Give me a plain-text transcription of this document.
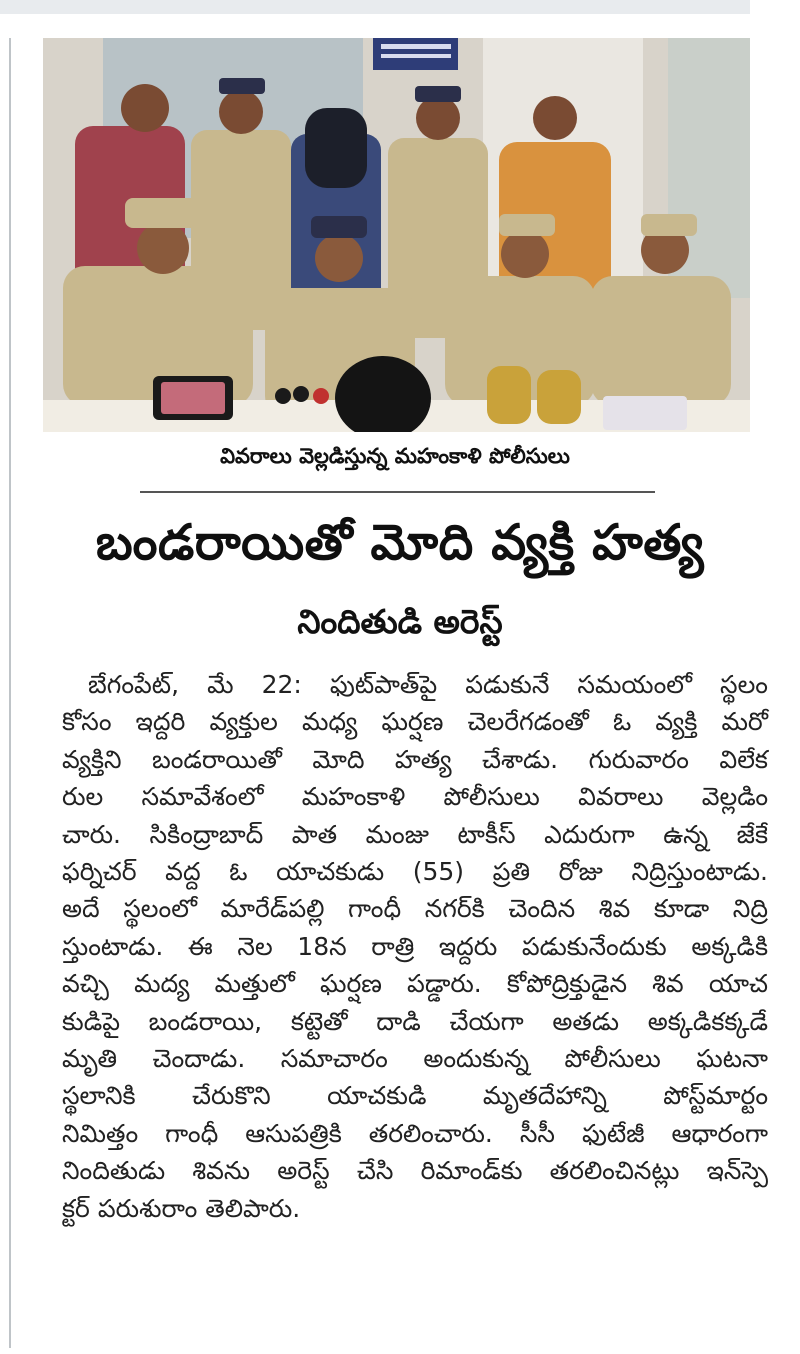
వివరాలు వెల్లడిస్తున్న మహంకాళి పోలీసులు
బండరాయితో మోది వ్యక్తి హత్య
నిందితుడి అరెస్ట్

బేగంపేట్, మే 22: ఫుట్‌పాత్‌పై పడుకునే సమయంలో స్థలం
కోసం ఇద్దరి వ్యక్తుల మధ్య ఘర్షణ చెలరేగడంతో ఓ వ్యక్తి మరో
వ్యక్తిని బండరాయితో మోది హత్య చేశాడు. గురువారం విలేక
రుల సమావేశంలో మహంకాళి పోలీసులు వివరాలు వెల్లడిం
చారు. సికింద్రాబాద్ పాత మంజు టాకీస్ ఎదురుగా ఉన్న జేకే
ఫర్నిచర్ వద్ద ఓ యాచకుడు (55) ప్రతి రోజు నిద్రిస్తుంటాడు.
అదే స్థలంలో మారేడ్‌పల్లి గాంధీ నగర్‌కి చెందిన శివ కూడా నిద్రి
స్తుంటాడు. ఈ నెల 18న రాత్రి ఇద్దరు పడుకునేందుకు అక్కడికి
వచ్చి మద్య మత్తులో ఘర్షణ పడ్డారు. కోపోద్రిక్తుడైన శివ యాచ
కుడిపై బండరాయి, కట్టెతో దాడి చేయగా అతడు అక్కడికక్కడే
మృతి చెందాడు. సమాచారం అందుకున్న పోలీసులు ఘటనా
స్థలానికి చేరుకొని యాచకుడి మృతదేహాన్ని పోస్ట్‌మార్టం
నిమిత్తం గాంధీ ఆసుపత్రికి తరలించారు. సీసీ ఫుటేజీ ఆధారంగా
నిందితుడు శివను అరెస్ట్ చేసి రిమాండ్‌కు తరలించినట్లు ఇన్‌స్పె
క్టర్ పరుశురాం తెలిపారు.
